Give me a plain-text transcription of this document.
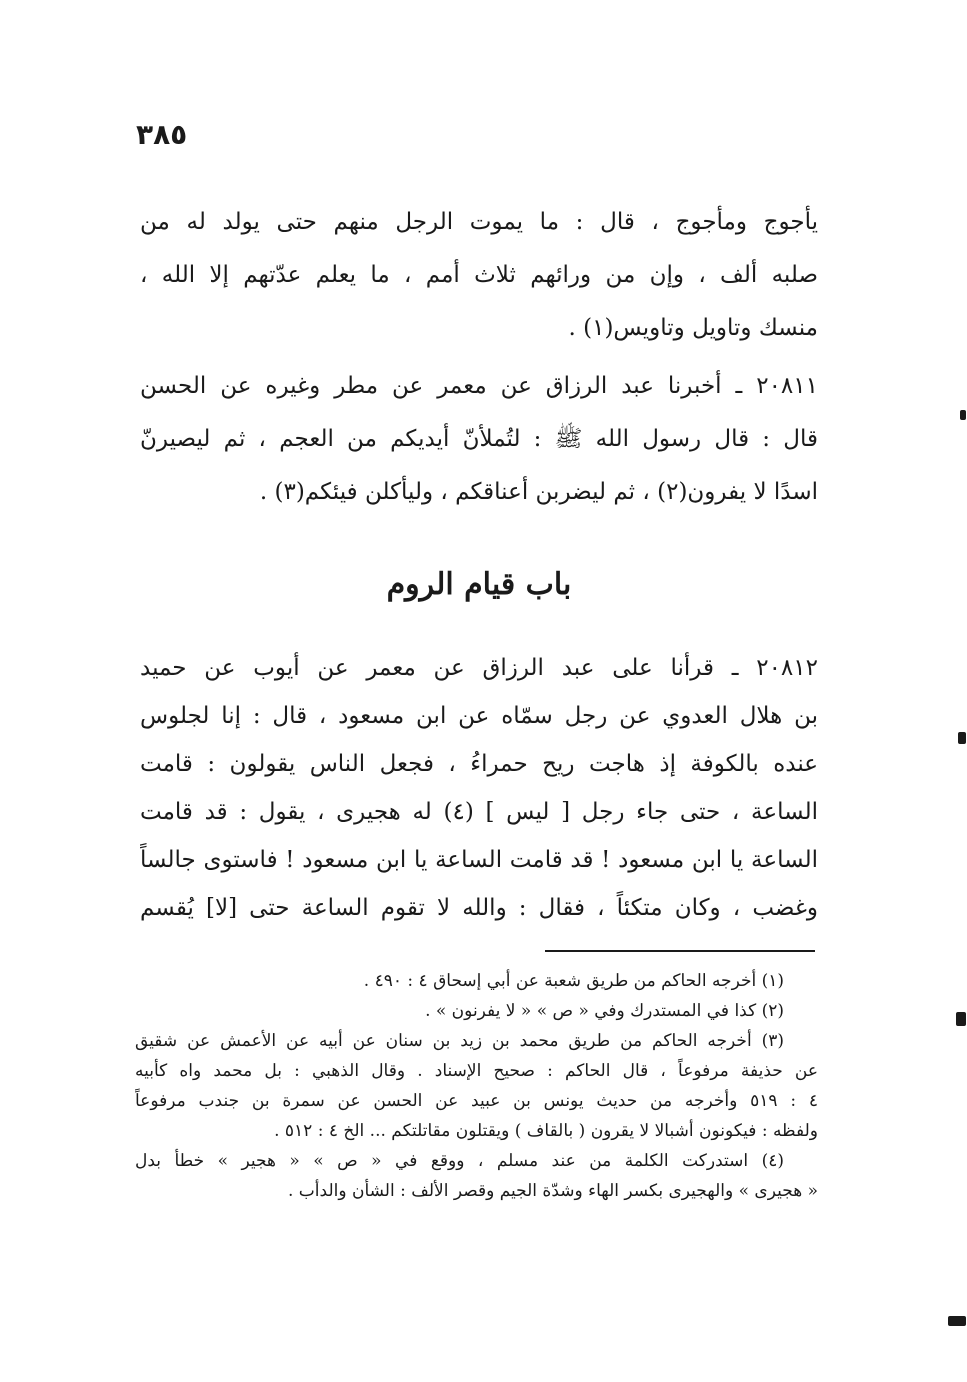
٣٨٥
يأجوج ومأجوج ، قال : ما يموت الرجل منهم حتى يولد له من
صلبه ألف ، وإن من ورائهم ثلاث أمم ، ما يعلم عدّتهم إلا الله ،
منسك وتاويل وتاويس(١) .
٢٠٨١١ ـ أخبرنا عبد الرزاق عن معمر عن مطر وغيره عن الحسن
قال : قال رسول الله ﷺ : لتُملأنّ أيديكم من العجم ، ثم ليصيرنّ
اسدًا لا يفرون(٢) ، ثم ليضربن أعناقكم ، وليأكلن فيئكم(٣) .
باب قيام الروم
٢٠٨١٢ ـ قرأنا على عبد الرزاق عن معمر عن أيوب عن حميد
بن هلال العدوي عن رجل سمّاه عن ابن مسعود ، قال : إنا لجلوس
عنده بالكوفة إذ هاجت ريح حمراءُ ، فجعل الناس يقولون : قامت
الساعة ، حتى جاء رجل [ ليس ] (٤) له هجيرى ، يقول : قد قامت
الساعة يا ابن مسعود ! قد قامت الساعة يا ابن مسعود ! فاستوى جالساً
وغضب ، وكان متكئاً ، فقال : والله لا تقوم الساعة حتى [لا] يُقسم
(١) أخرجه الحاكم من طريق شعبة عن أبي إسحاق ٤ : ٤٩٠ .
(٢) كذا في المستدرك وفي « ص » « لا يفرنون » .
(٣) أخرجه الحاكم من طريق محمد بن زيد بن سنان عن أبيه عن الأعمش عن شقيق
عن حذيفة مرفوعاً ، قال الحاكم : صحيح الإسناد . وقال الذهبي : بل محمد واه كأبيه
٤ : ٥١٩ وأخرجه من حديث يونس بن عبيد عن الحسن عن سمرة بن جندب مرفوعاً
ولفظه : فيكونون أشبالا لا يقرون ( بالقاف ) ويقتلون مقاتلتكم ... الخ ٤ : ٥١٢ .
(٤) استدركت الكلمة من عند مسلم ، ووقع في « ص » « هجير » خطأ بدل
« هجيرى » والهجيرى بكسر الهاء وشدّة الجيم وقصر الألف : الشأن والدأب .
